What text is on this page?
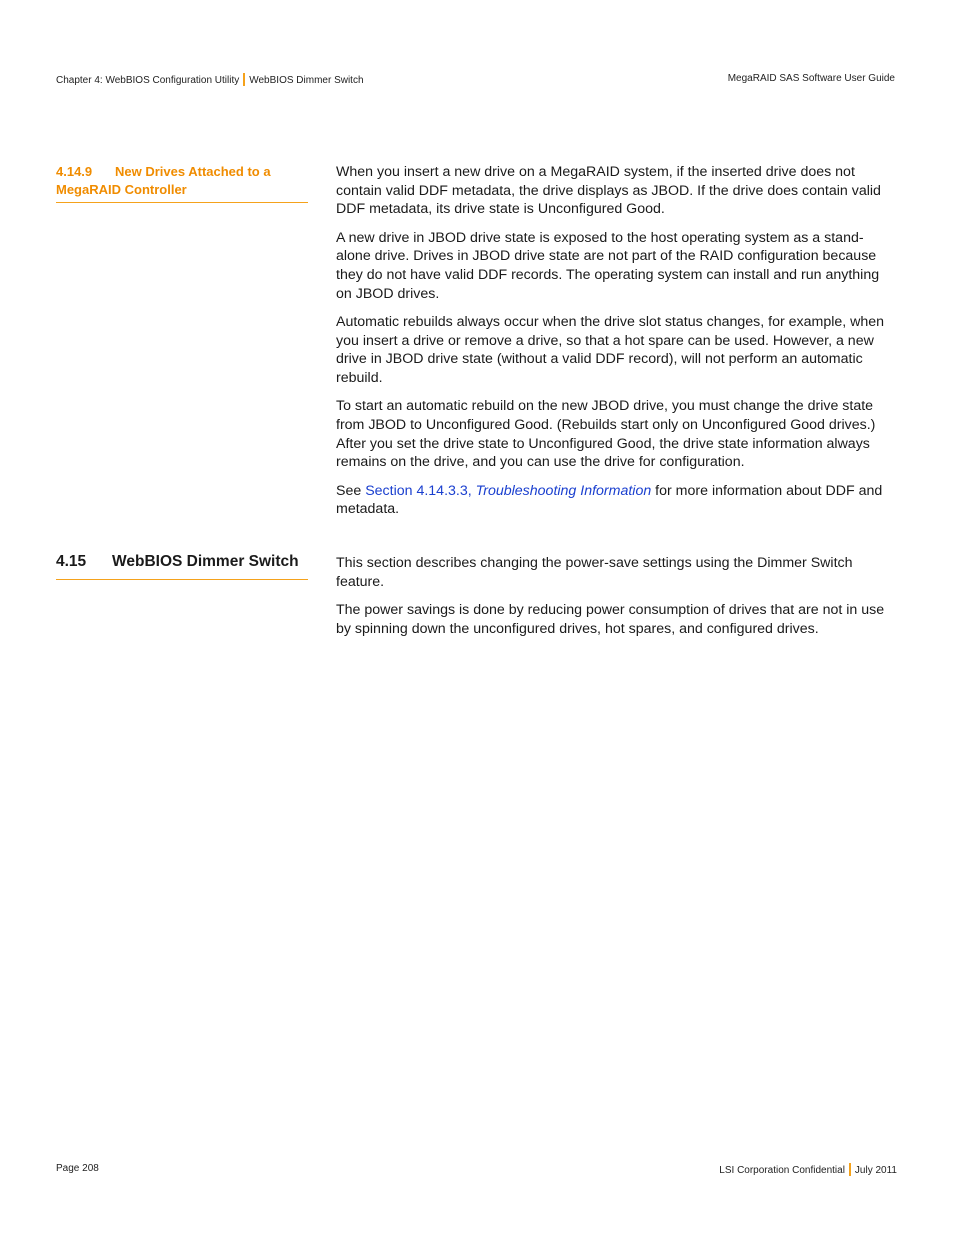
Chapter 4: WebBIOS Configuration Utility WebBIOS Dimmer Switch	MegaRAID SAS Software User Guide
4.14.9 New Drives Attached to a
MegaRAID Controller

When you insert a new drive on a MegaRAID system, if the inserted drive does not contain valid DDF metadata, the drive displays as JBOD. If the drive does contain valid DDF metadata, its drive state is Unconfigured Good.

A new drive in JBOD drive state is exposed to the host operating system as a stand-alone drive. Drives in JBOD drive state are not part of the RAID configuration because they do not have valid DDF records. The operating system can install and run anything on JBOD drives.

Automatic rebuilds always occur when the drive slot status changes, for example, when you insert a drive or remove a drive, so that a hot spare can be used. However, a new drive in JBOD drive state (without a valid DDF record), will not perform an automatic rebuild.

To start an automatic rebuild on the new JBOD drive, you must change the drive state from JBOD to Unconfigured Good. (Rebuilds start only on Unconfigured Good drives.) After you set the drive state to Unconfigured Good, the drive state information always remains on the drive, and you can use the drive for configuration.

See Section 4.14.3.3, Troubleshooting Information for more information about DDF and metadata.

4.15 WebBIOS Dimmer Switch	This section describes changing the power-save settings using the Dimmer Switch feature.

The power savings is done by reducing power consumption of drives that are not in use by spinning down the unconfigured drives, hot spares, and configured drives.

Page 208	LSI Corporation Confidential July 2011
